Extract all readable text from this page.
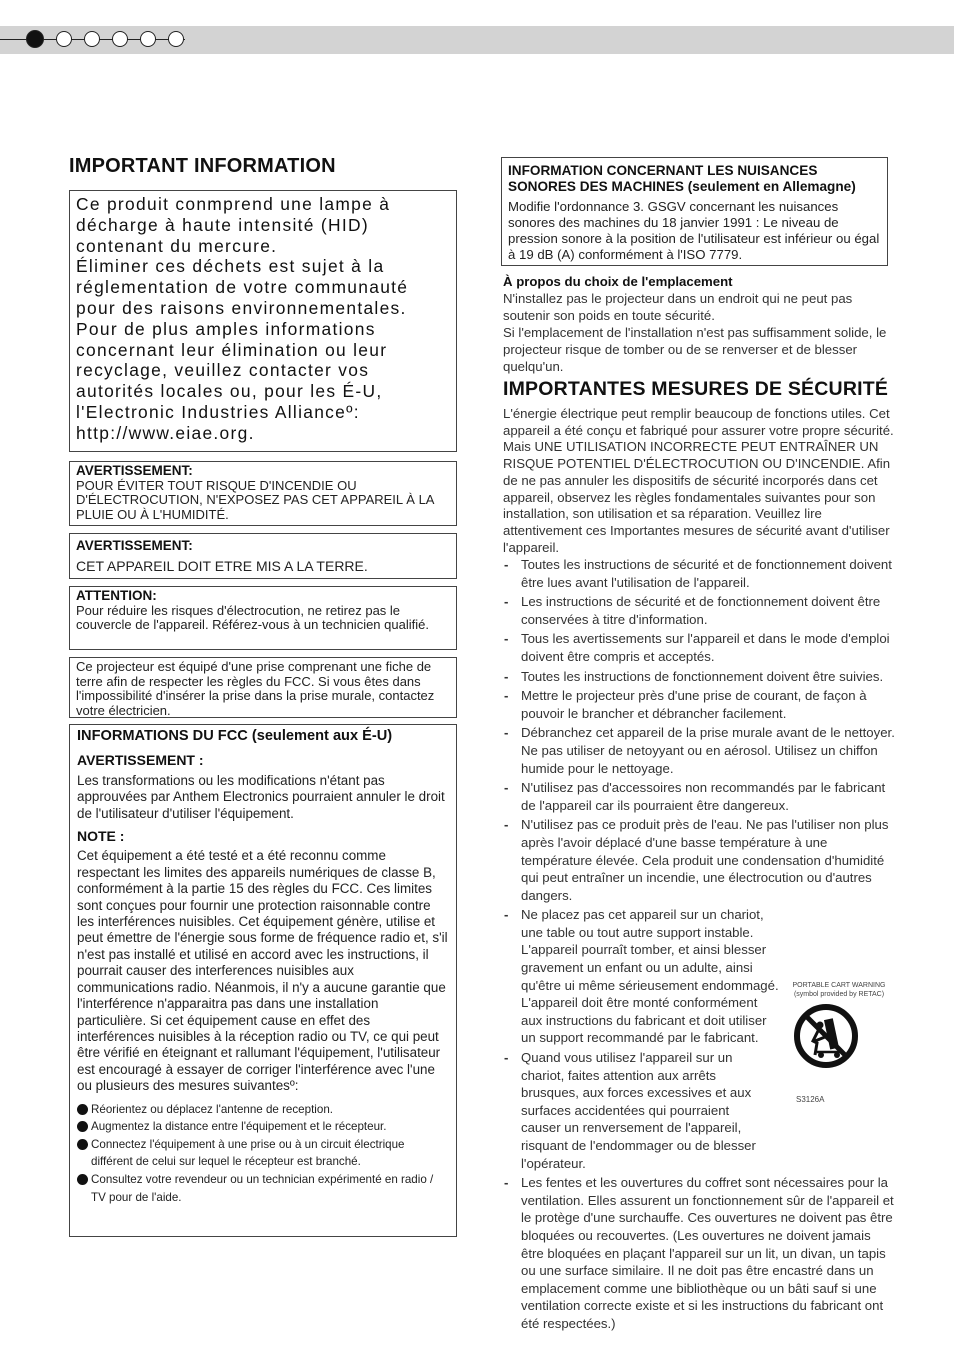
IMPORTANT INFORMATION
Ce produit conmprend une lampe à
décharge à haute intensité (HID)
contenant du mercure.
Éliminer ces déchets est sujet à la
réglementation de votre communauté
pour des raisons environnementales.
Pour de plus amples informations
concernant leur élimination ou leur
recyclage, veuillez contacter vos
autorités locales ou, pour les É-U,
l'Electronic Industries Allianceº:
http://www.eiae.org.
AVERTISSEMENT:
POUR ÉVITER TOUT RISQUE D'INCENDIE OU D'ÉLECTROCUTION, N'EXPOSEZ PAS CET APPAREIL À LA PLUIE OU À L'HUMIDITÉ.
AVERTISSEMENT:
CET APPAREIL DOIT ETRE MIS A LA TERRE.
ATTENTION:
Pour réduire les risques d'électrocution, ne retirez pas le couvercle de l'appareil. Référez-vous à un technicien qualifié.
Ce projecteur est équipé d'une prise comprenant une fiche de terre afin de respecter les règles du FCC. Si vous êtes dans l'impossibilité d'insérer la prise dans la prise murale, contactez votre électricien.
INFORMATIONS DU FCC (seulement aux É-U)
AVERTISSEMENT :

Les transformations ou les modifications n'étant pas approuvées par Anthem Electronics pourraient annuler le droit de l'utilisateur d'utiliser l'équipement.

NOTE :

Cet équipement a été testé et a été reconnu comme respectant les limites des appareils numériques de classe B, conformément à la partie 15 des règles du FCC. Ces limites sont conçues pour fournir une protection raisonnable contre les interférences nuisibles. Cet équipement génère, utilise et peut émettre de l'énergie sous forme de fréquence radio et, s'il n'est pas installé et utilisé en accord avec les instructions, il pourrait causer des interferences nuisibles aux communications radio. Néanmois, il n'y a aucune garantie que l'interférence n'apparaitra pas dans une installation particulière. Si cet équipement cause en effet des interférences nuisibles à la réception radio ou TV, ce qui peut être vérifié en éteignant et rallumant l'équipement, l'utilisateur est encouragé à essayer de corriger l'interférence avec l'une ou plusieurs des mesures suivantesº:

Réorientez ou déplacez l'antenne de reception.
Augmentez la distance entre l'équipement et le récepteur.
Connectez l'équipement à une prise ou à un circuit électrique différent de celui sur lequel le récepteur est branché.
Consultez votre revendeur ou un technician expérimenté en radio / TV pour de l'aide.
INFORMATION CONCERNANT LES NUISANCES SONORES DES MACHINES (seulement en Allemagne)
Modifie l'ordonnance 3. GSGV concernant les nuisances sonores des machines du 18 janvier 1991 : Le niveau de pression sonore à la position de l'utilisateur est inférieur ou égal à 19 dB (A) conformément à l'ISO 7779.
À propos du choix de l'emplacement
N'installez pas le projecteur dans un endroit qui ne peut pas soutenir son poids en toute sécurité.
Si l'emplacement de l'installation n'est pas suffisamment solide, le projecteur risque de tomber ou de se renverser et de blesser quelqu'un.
IMPORTANTES MESURES DE SÉCURITÉ

L'énergie électrique peut remplir beaucoup de fonctions utiles. Cet appareil a été conçu et fabriqué pour assurer votre propre sécurité. Mais UNE UTILISATION INCORRECTE PEUT ENTRAÎNER UN RISQUE POTENTIEL D'ÉLECTROCUTION OU D'INCENDIE. Afin de ne pas annuler les dispositifs de sécurité incorporés dans cet appareil, observez les règles fondamentales suivantes pour son installation, son utilisation et sa réparation. Veuillez lire attentivement ces Importantes mesures de sécurité avant d'utiliser l'appareil.

- Toutes les instructions de sécurité et de fonctionnement doivent être lues avant l'utilisation de l'appareil.
- Les instructions de sécurité et de fonctionnement doivent être conservées à titre d'information.
- Tous les avertissements sur l'appareil et dans le mode d'emploi doivent être compris et acceptés.
- Toutes les instructions de fonctionnement doivent être suivies.
- Mettre le projecteur près d'une prise de courant, de façon à pouvoir le brancher et débrancher facilement.
- Débranchez cet appareil de la prise murale avant de le nettoyer. Ne pas utiliser de netoyyant ou en aérosol. Utilisez un chiffon humide pour le nettoyage.
- N'utilisez pas d'accessoires non recommandés par le fabricant de l'appareil car ils pourraient être dangereux.
- N'utilisez pas ce produit près de l'eau. Ne pas l'utiliser non plus après l'avoir déplacé d'une basse température à une température élevée. Cela produit une condensation d'humidité qui peut entraîner un incendie, une électrocution ou d'autres dangers.
- Ne placez pas cet appareil sur un chariot, une table ou tout autre support instable. L'appareil pourraît tomber, et ainsi blesser gravement un enfant ou un adulte, ainsi qu'être ui même sérieusement endommagé. L'appareil doit être monté conformément aux instructions du fabricant et doit utiliser un support recommandé par le fabricant.
- Quand vous utilisez l'appareil sur un chariot, faites attention aux arrêts brusques, aux forces excessives et aux surfaces accidentées qui pourraient causer un renversement de l'appareil, risquant de l'endommager ou de blesser l'opérateur.
- Les fentes et les ouvertures du coffret sont nécessaires pour la ventilation. Elles assurent un fonctionnement sûr de l'appareil et le protège d'une surchauffe. Ces ouvertures ne doivent pas être bloquées ou recouvertes. (Les ouvertures ne doivent jamais être bloquées en plaçant l'appareil sur un lit, un divan, un tapis ou une surface similaire. Il ne doit pas être encastré dans un emplacement comme une bibliothèque ou un bâti sauf si une ventilation correcte existe et si les instructions du fabricant ont été respectées.)
PORTABLE CART WARNING
(symbol provided by RETAC)
S3126A
